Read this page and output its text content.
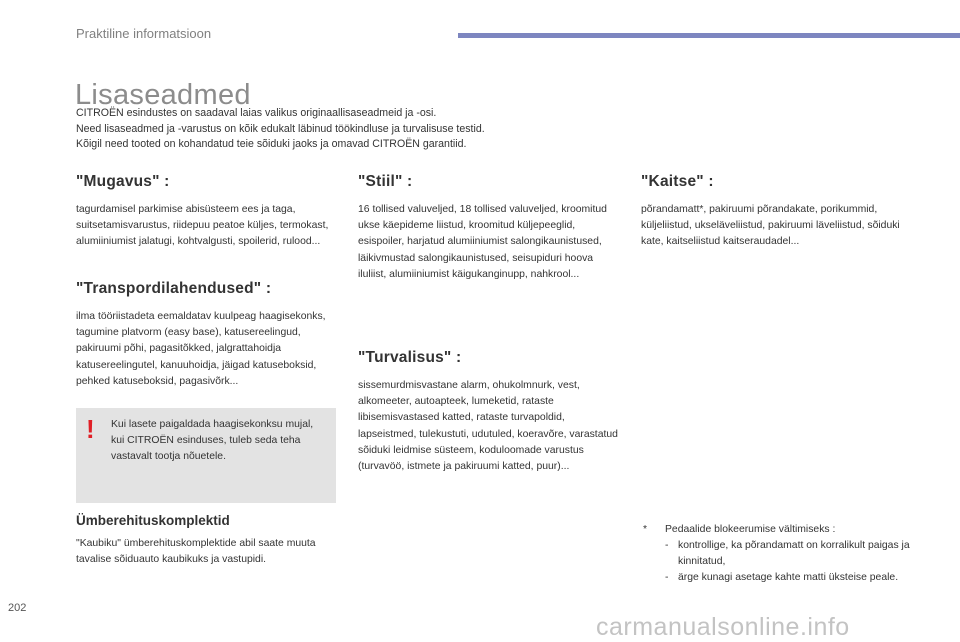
Praktiline informatsioon
Lisaseadmed

CITROËN esindustes on saadaval laias valikus originaallisaseadmeid ja -osi.

Need lisaseadmed ja -varustus on kõik edukalt läbinud töökindluse ja turvalisuse testid.

Kõigil need tooted on kohandatud teie sõiduki jaoks ja omavad CITROËN garantiid.

"Mugavus" :

tagurdamisel parkimise abisüsteem ees ja taga, suitsetamisvarustus, riidepuu peatoe küljes, termokast, alumiiniumist jalatugi, kohtvalgusti, spoilerid, rulood...

"Transpordilahendused" :

ilma tööriistadeta eemaldatav kuulpeag haagisekonks, tagumine platvorm (easy base), katusereelingud, pakiruumi põhi, pagasitõkked, jalgrattahoidja katusereelingutel, kanuuhoidja, jäigad katuseboksid, pehked katuseboksid, pagasivõrk...

! Kui lasete paigaldada haagisekonksu mujal, kui CITROËN esinduses, tuleb seda teha vastavalt tootja nõuetele.
Ümberehituskomplektid

"Kaubiku" ümberehituskomplektide abil saate muuta tavalise sõiduauto kaubikuks ja vastupidi.

"Stiil" :

16 tollised valuveljed, 18 tollised valuveljed, kroomitud ukse käepideme liistud, kroomitud küljepeeglid, esispoiler, harjatud alumiiniumist salongikaunistused, läikivmustad salongikaunistused, seisupiduri hoova iluliist, alumiiniumist käigukanginupp, nahkrool...

"Turvalisus" :

sissemurdmisvastane alarm, ohukolmnurk, vest, alkomeeter, autoapteek, lumeketid, rataste libisemisvastased katted, rataste turvapoldid, lapseistmed, tulekustuti, udutuled, koeravõre, varastatud sõiduki leidmise süsteem, koduloomade varustus (turvavöö, istmete ja pakiruumi katted, puur)...

"Kaitse" :

põrandamatt*, pakiruumi põrandakate, porikummid, küljeliistud, ukseläveliistud, pakiruumi läveliistud, sõiduki kate, kaitseliistud kaitseraudadel...

* Pedaalide blokeerumise vältimiseks :
- kontrollige, ka põrandamatt on korralikult paigas ja kinnitatud,
- ärge kunagi asetage kahte matti üksteise peale.
202
carmanualsonline.info
